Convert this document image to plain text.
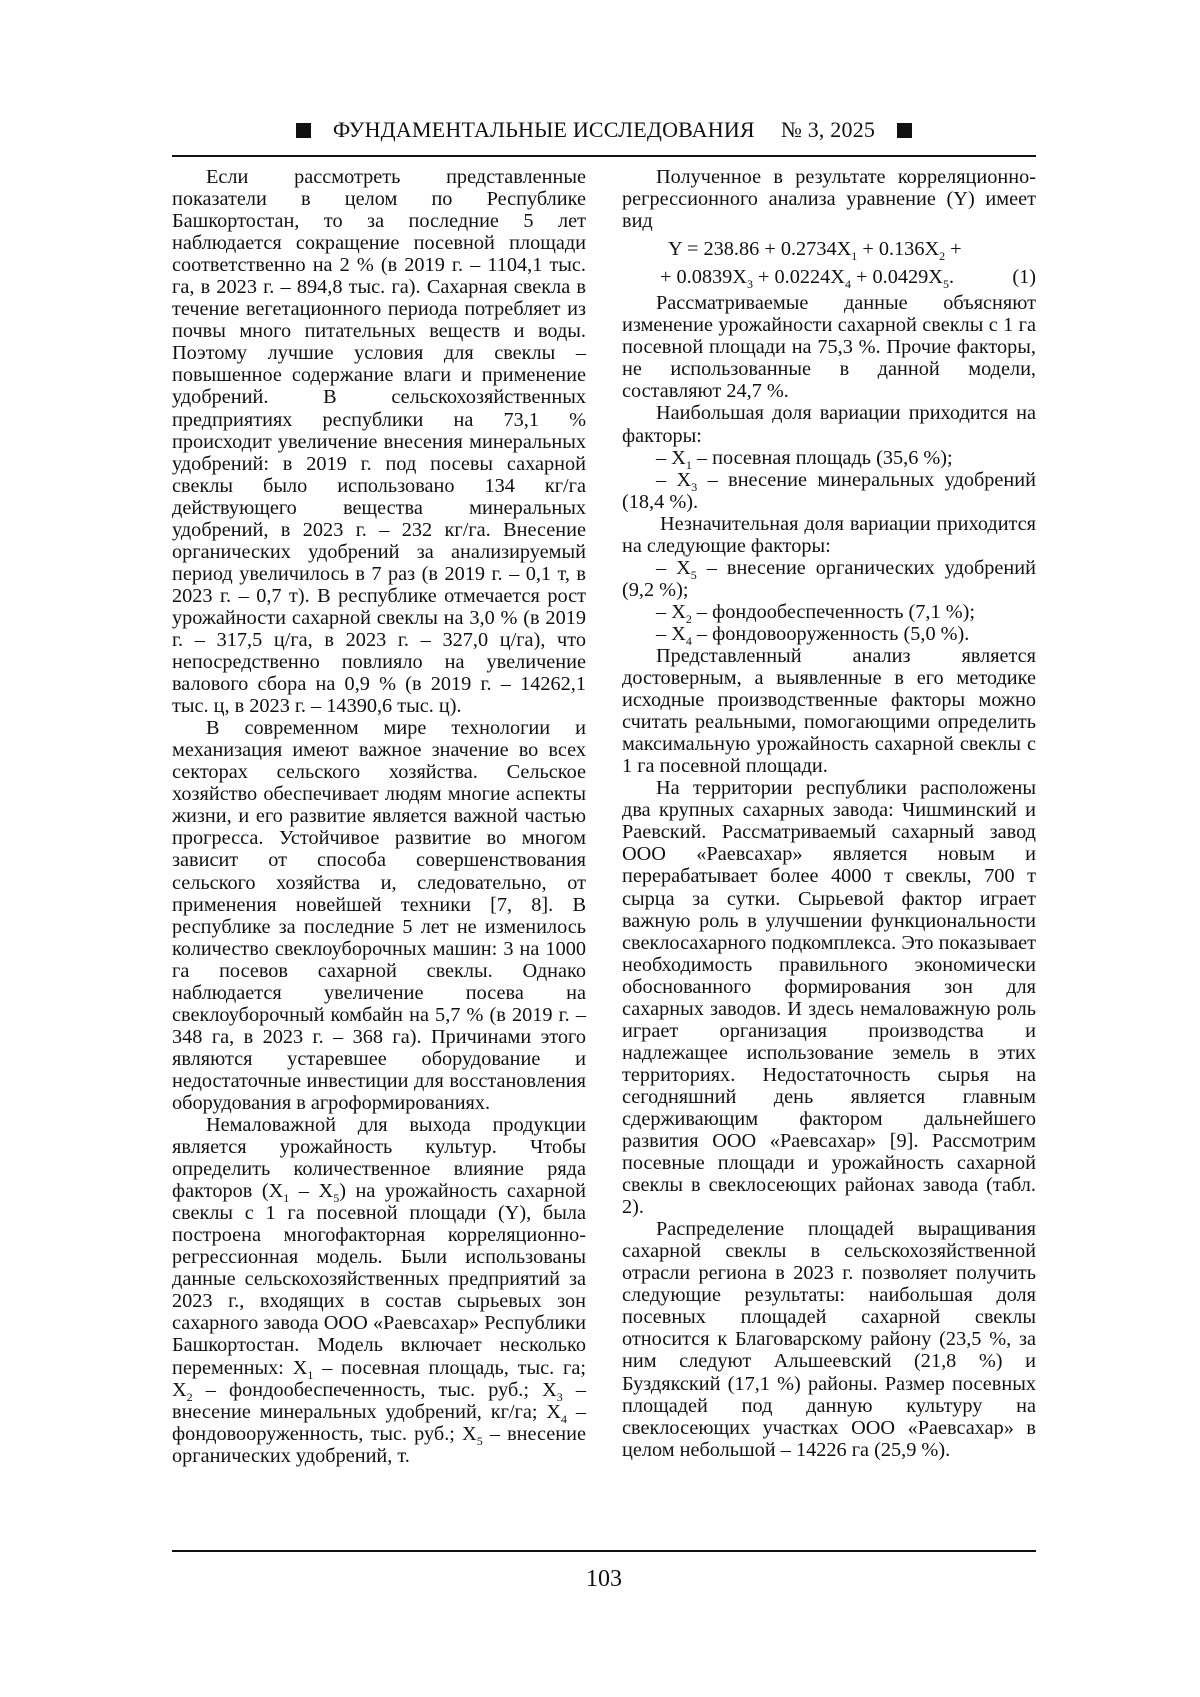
ФУНДАМЕНТАЛЬНЫЕ ИССЛЕДОВАНИЯ № 3, 2025

Если рассмотреть представленные показатели в целом по Республике Башкортостан, то за последние 5 лет наблюдается сокращение посевной площади соответственно на 2 % (в 2019 г. – 1104,1 тыс. га, в 2023 г. – 894,8 тыс. га). Сахарная свекла в течение вегетационного периода потребляет из почвы много питательных веществ и воды. Поэтому лучшие условия для свеклы – повышенное содержание влаги и применение удобрений. В сельскохозяйственных предприятиях республики на 73,1 % происходит увеличение внесения минеральных удобрений: в 2019 г. под посевы сахарной свеклы было использовано 134 кг/га действующего вещества минеральных удобрений, в 2023 г. – 232 кг/га. Внесение органических удобрений за анализируемый период увеличилось в 7 раз (в 2019 г. – 0,1 т, в 2023 г. – 0,7 т). В республике отмечается рост урожайности сахарной свеклы на 3,0 % (в 2019 г. – 317,5 ц/га, в 2023 г. – 327,0 ц/га), что непосредственно повлияло на увеличение валового сбора на 0,9 % (в 2019 г. – 14262,1 тыс. ц, в 2023 г. – 14390,6 тыс. ц).

В современном мире технологии и механизация имеют важное значение во всех секторах сельского хозяйства. Сельское хозяйство обеспечивает людям многие аспекты жизни, и его развитие является важной частью прогресса. Устойчивое развитие во многом зависит от способа совершенствования сельского хозяйства и, следовательно, от применения новейшей техники [7, 8]. В республике за последние 5 лет не изменилось количество свеклоуборочных машин: 3 на 1000 га посевов сахарной свеклы. Однако наблюдается увеличение посева на свеклоуборочный комбайн на 5,7 % (в 2019 г. – 348 га, в 2023 г. – 368 га). Причинами этого являются устаревшее оборудование и недостаточные инвестиции для восстановления оборудования в агроформированиях.

Немаловажной для выхода продукции является урожайность культур. Чтобы определить количественное влияние ряда факторов $(X_1 - X_5)$ на урожайность сахарной свеклы с 1 га посевной площади (Y), была построена многофакторная корреляционно-регрессионная модель. Были использованы данные сельскохозяйственных предприятий за 2023 г., входящих в состав сырьевых зон сахарного завода ООО «Раевсахар» Республики Башкортостан. Модель включает несколько переменных: $X_1$ – посевная площадь, тыс. га; $X_2$ – фондообеспеченность, тыс. руб.; $X_3$ – внесение минеральных удобрений, кг/га; $X_4$ – фондовооруженность, тыс. руб.; $X_5$ – внесение органических удобрений, т.

Полученное в результате корреляционно-регрессионного анализа уравнение (Y) имеет вид

$Y = 238.86 + 0.2734X_1 + 0.136X_2$ +
+ $0.0839X_3 + 0.0224X_4 + 0.0429X_5$.	(1)

Рассматриваемые данные объясняют изменение урожайности сахарной свеклы с 1 га посевной площади на 75,3 %. Прочие факторы, не использованные в данной модели, составляют 24,7 %.

Наибольшая доля вариации приходится на факторы:

– $X_1$ – посевная площадь (35,6 %);

– $X_3$ – внесение минеральных удобрений (18,4 %).

Незначительная доля вариации приходится на следующие факторы:

– $X_5$ – внесение органических удобрений (9,2 %);

– $X_2$ – фондообеспеченность (7,1 %);

– $X_4$ – фондовооруженность (5,0 %).

Представленный анализ является достоверным, а выявленные в его методике исходные производственные факторы можно считать реальными, помогающими определить максимальную урожайность сахарной свеклы с 1 га посевной площади.

На территории республики расположены два крупных сахарных завода: Чишминский и Раевский. Рассматриваемый сахарный завод ООО «Раевсахар» является новым и перерабатывает более 4000 т свеклы, 700 т сырца за сутки. Сырьевой фактор играет важную роль в улучшении функциональности свеклосахарного подкомплекса. Это показывает необходимость правильного экономически обоснованного формирования зон для сахарных заводов. И здесь немаловажную роль играет организация производства и надлежащее использование земель в этих территориях. Недостаточность сырья на сегодняшний день является главным сдерживающим фактором дальнейшего развития ООО «Раевсахар» [9]. Рассмотрим посевные площади и урожайность сахарной свеклы в свеклосеющих районах завода (табл. 2).

Распределение площадей выращивания сахарной свеклы в сельскохозяйственной отрасли региона в 2023 г. позволяет получить следующие результаты: наибольшая доля посевных площадей сахарной свеклы относится к Благоварскому району (23,5 %, за ним следуют Альшеевский (21,8 %) и Буздякский (17,1 %) районы. Размер посевных площадей под данную культуру на свеклосеющих участках ООО «Раевсахар» в целом небольшой – 14226 га (25,9 %).

103
